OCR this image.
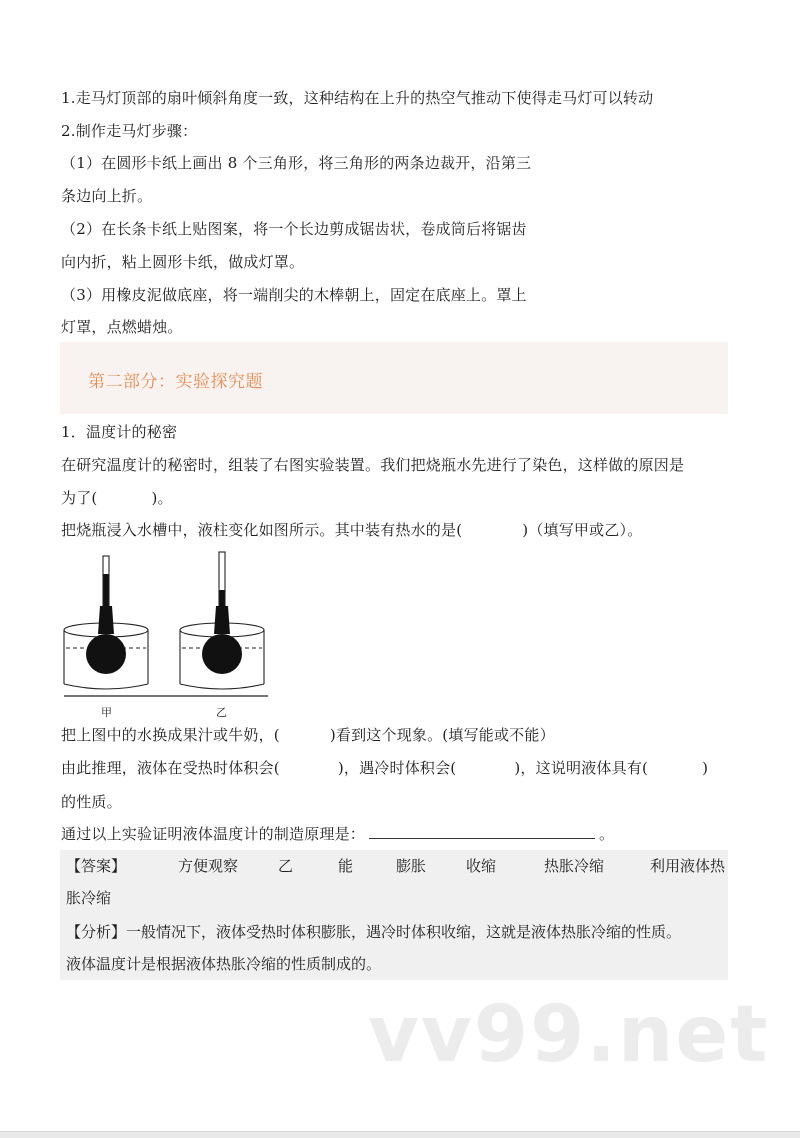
1.走马灯顶部的扇叶倾斜角度一致，这种结构在上升的热空气推动下使得走马灯可以转动
2.制作走马灯步骤：
（1）在圆形卡纸上画出 8 个三角形，将三角形的两条边裁开，沿第三
条边向上折。
（2）在长条卡纸上贴图案，将一个长边剪成锯齿状，卷成筒后将锯齿
向内折，粘上圆形卡纸，做成灯罩。
（3）用橡皮泥做底座，将一端削尖的木棒朝上，固定在底座上。罩上
灯罩，点燃蜡烛。
第二部分：实验探究题
1．温度计的秘密
在研究温度计的秘密时，组装了右图实验装置。我们把烧瓶水先进行了染色，这样做的原因是
为了(	)。
把烧瓶浸入水槽中，液柱变化如图所示。其中装有热水的是(	)（填写甲或乙）。
甲	乙
把上图中的水换成果汁或牛奶，(	)看到这个现象。(填写能或不能）
由此推理，液体在受热时体积会(	)，遇冷时体积会(	)，这说明液体具有(	)
的性质。
通过以上实验证明液体温度计的制造原理是：	。
【答案】	方便观察	乙	能	膨胀	收缩	热胀冷缩	利用液体热
胀冷缩
【分析】一般情况下，液体受热时体积膨胀，遇冷时体积收缩，这就是液体热胀冷缩的性质。
液体温度计是根据液体热胀冷缩的性质制成的。
vv99.net
